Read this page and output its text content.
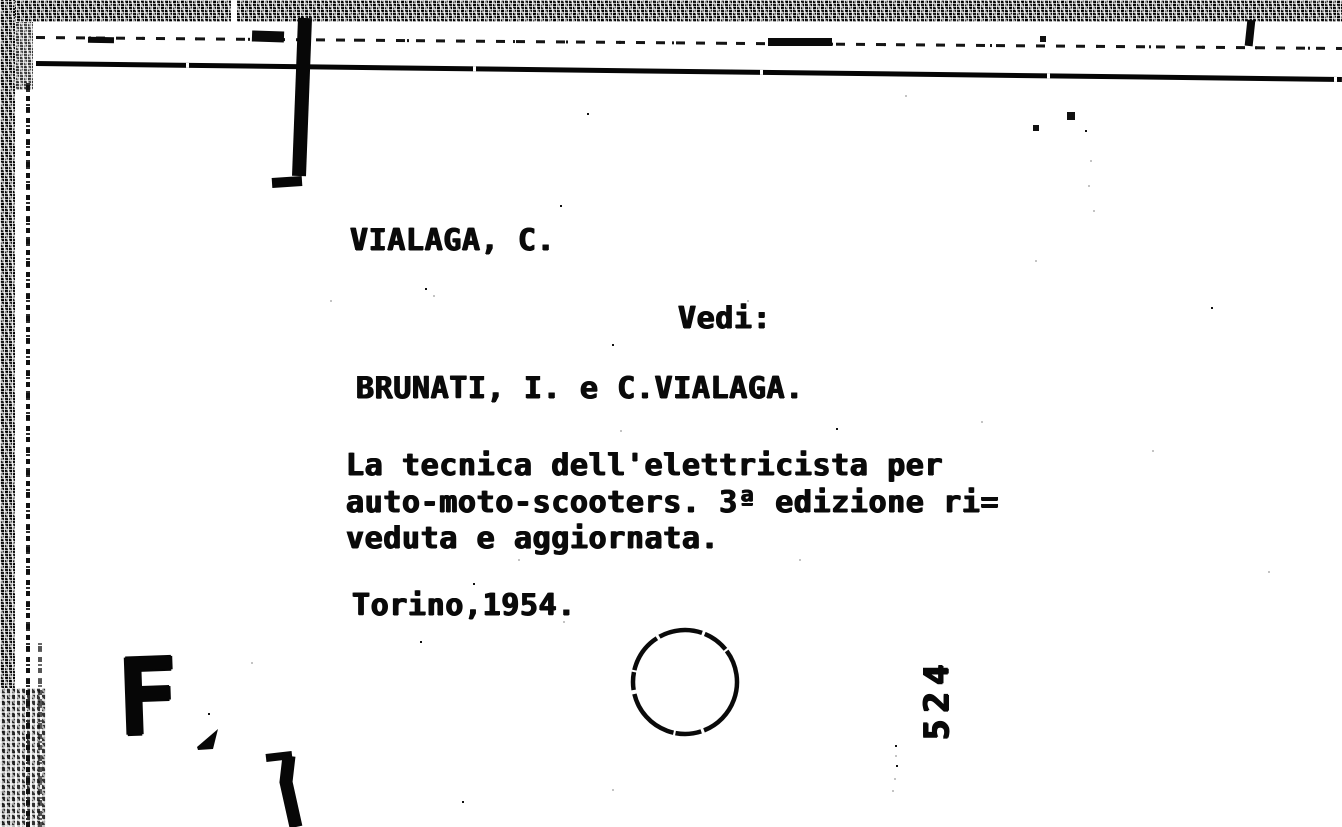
VIALAGA, C.
Vedi:
BRUNATI, I. e C.VIALAGA.
La tecnica dell'elettricista per
auto-moto-scooters. 3ª edizione ri=
veduta e aggiornata.
Torino,1954.
F	524
